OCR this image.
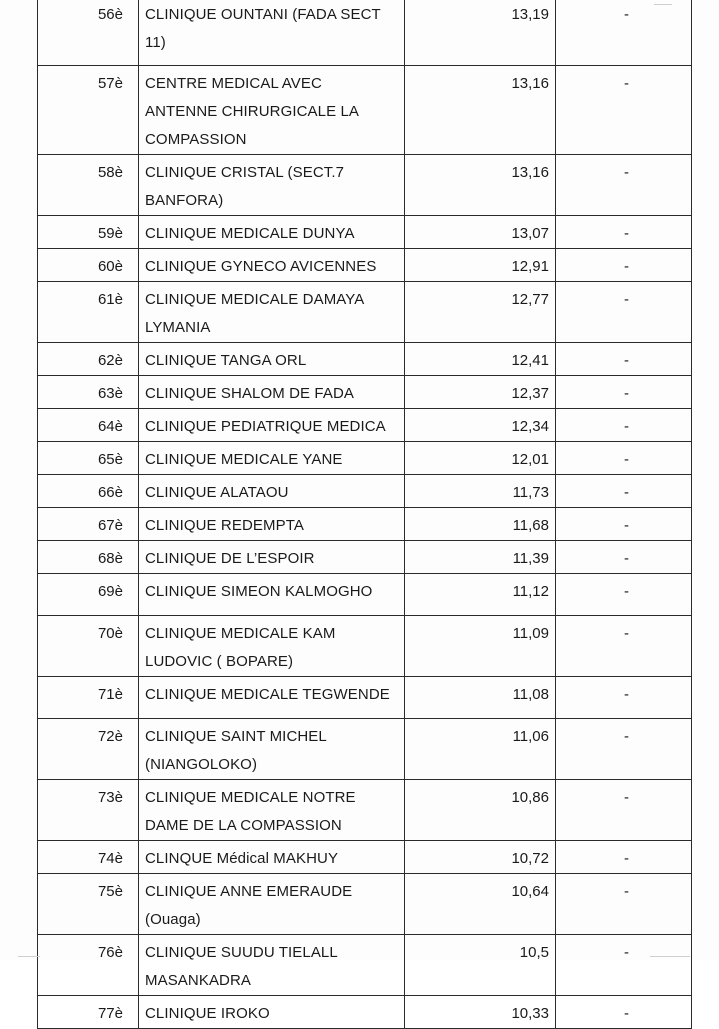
56è	CLINIQUE OUNTANI (FADA SECT
11)	13,19	-
57è	CENTRE MEDICAL AVEC
ANTENNE CHIRURGICALE LA
COMPASSION	13,16	-
58è	CLINIQUE CRISTAL (SECT.7
BANFORA)	13,16	-
59è	CLINIQUE MEDICALE DUNYA	13,07	-
60è	CLINIQUE GYNECO AVICENNES	12,91	-
61è	CLINIQUE MEDICALE DAMAYA
LYMANIA	12,77	-
62è	CLINIQUE TANGA ORL	12,41	-
63è	CLINIQUE SHALOM DE FADA	12,37	-
64è	CLINIQUE PEDIATRIQUE MEDICA	12,34	-
65è	CLINIQUE MEDICALE YANE	12,01	-
66è	CLINIQUE ALATAOU	11,73	-
67è	CLINIQUE REDEMPTA	11,68	-
68è	CLINIQUE DE L’ESPOIR	11,39	-
69è	CLINIQUE SIMEON KALMOGHO	11,12	-
70è	CLINIQUE MEDICALE KAM
LUDOVIC ( BOPARE)	11,09	-
71è	CLINIQUE MEDICALE TEGWENDE	11,08	-
72è	CLINIQUE SAINT MICHEL
(NIANGOLOKO)	11,06	-
73è	CLINIQUE MEDICALE NOTRE
DAME DE LA COMPASSION	10,86	-
74è	CLINQUE Médical MAKHUY	10,72	-
75è	CLINIQUE ANNE EMERAUDE
(Ouaga)	10,64	-
76è	CLINIQUE SUUDU TIELALL
MASANKADRA	10,5	-
77è	CLINIQUE IROKO	10,33	-
